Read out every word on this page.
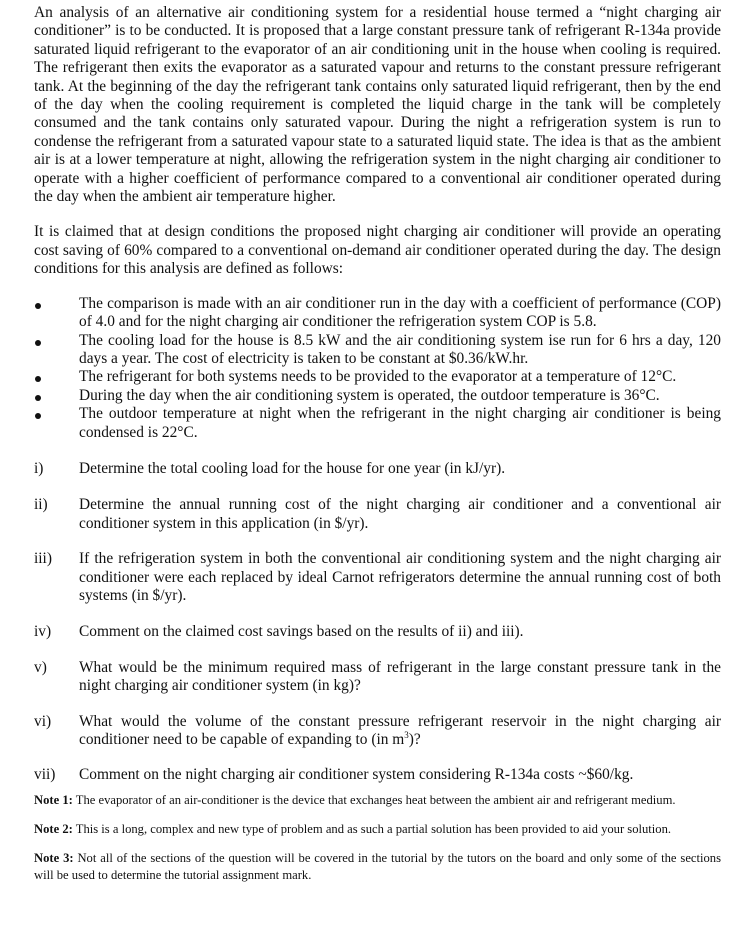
An analysis of an alternative air conditioning system for a residential house termed a “night charging air conditioner” is to be conducted. It is proposed that a large constant pressure tank of refrigerant R-134a provide saturated liquid refrigerant to the evaporator of an air conditioning unit in the house when cooling is required. The refrigerant then exits the evaporator as a saturated vapour and returns to the constant pressure refrigerant tank. At the beginning of the day the refrigerant tank contains only saturated liquid refrigerant, then by the end of the day when the cooling requirement is completed the liquid charge in the tank will be completely consumed and the tank contains only saturated vapour. During the night a refrigeration system is run to condense the refrigerant from a saturated vapour state to a saturated liquid state. The idea is that as the ambient air is at a lower temperature at night, allowing the refrigeration system in the night charging air conditioner to operate with a higher coefficient of performance compared to a conventional air conditioner operated during the day when the ambient air temperature higher.

It is claimed that at design conditions the proposed night charging air conditioner will provide an operating cost saving of 60% compared to a conventional on-demand air conditioner operated during the day. The design conditions for this analysis are defined as follows:

The comparison is made with an air conditioner run in the day with a coefficient of performance (COP) of 4.0 and for the night charging air conditioner the refrigeration system COP is 5.8.
The cooling load for the house is 8.5 kW and the air conditioning system ise run for 6 hrs a day, 120 days a year. The cost of electricity is taken to be constant at $0.36/kW.hr.
The refrigerant for both systems needs to be provided to the evaporator at a temperature of 12°C.
During the day when the air conditioning system is operated, the outdoor temperature is 36°C.
The outdoor temperature at night when the refrigerant in the night charging air conditioner is being condensed is 22°C.
i) Determine the total cooling load for the house for one year (in kJ/yr).
ii) Determine the annual running cost of the night charging air conditioner and a conventional air conditioner system in this application (in $/yr).
iii) If the refrigeration system in both the conventional air conditioning system and the night charging air conditioner were each replaced by ideal Carnot refrigerators determine the annual running cost of both systems (in $/yr).
iv) Comment on the claimed cost savings based on the results of ii) and iii).
v) What would be the minimum required mass of refrigerant in the large constant pressure tank in the night charging air conditioner system (in kg)?
vi) What would the volume of the constant pressure refrigerant reservoir in the night charging air conditioner need to be capable of expanding to (in $m^3$)?
vii) Comment on the night charging air conditioner system considering R-134a costs ~$60/kg.

Note 1: The evaporator of an air-conditioner is the device that exchanges heat between the ambient air and refrigerant medium.

Note 2: This is a long, complex and new type of problem and as such a partial solution has been provided to aid your solution.

Note 3: Not all of the sections of the question will be covered in the tutorial by the tutors on the board and only some of the sections will be used to determine the tutorial assignment mark.
